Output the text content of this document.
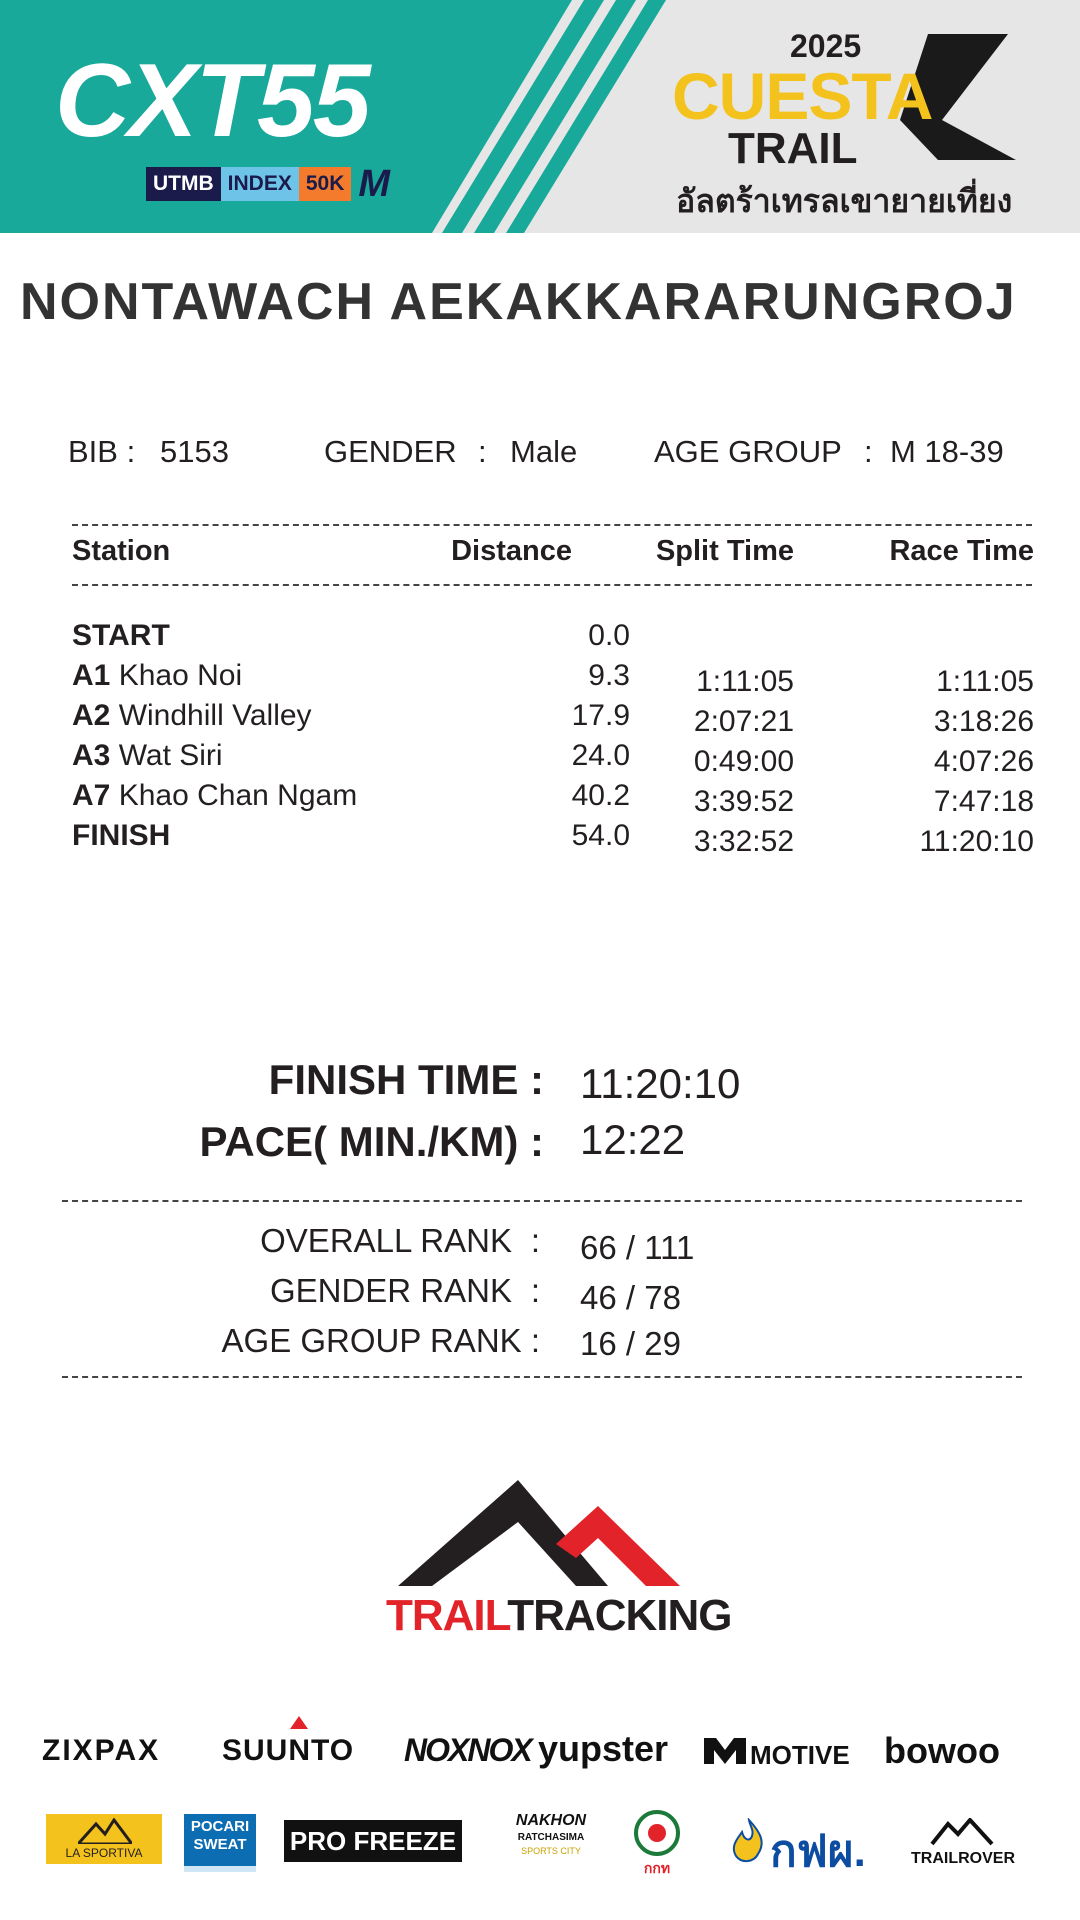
CXT55
UTMB INDEX 50K M
2025
CUESTA
TRAIL
อัลตร้าเทรลเขายายเที่ยง
NONTAWACH AEKAKKARARUNGROJ
BIB : 5153	GENDER : Male AGE GROUP : M 18-39
Station	Distance	Split Time	Race Time
START	0.0
A1 Khao Noi	9.3 1:11:05	1:11:05
A2 Windhill Valley	17.9 2:07:21	3:18:26
A3 Wat Siri	24.0 0:49:00	4:07:26
A7 Khao Chan Ngam	40.2 3:39:52	7:47:18
FINISH	54.0 3:32:52	11:20:10
FINISH TIME : 11:20:10
PACE( MIN./KM) : 12:22
OVERALL RANK : 66 / 111
GENDER RANK : 46 / 78
AGE GROUP RANK : 16 / 29
TRAILTRACKING
ZIXPAX SUUNTO NOXNOX yupster	MOTIVE bowoo
LA SPORTIVA
POCARI
SWEAT	PRO FREEZE
NAKHON
RATCHASIMA
SPORTS CITY
กกท	กฟผ.	TRAILROVER
